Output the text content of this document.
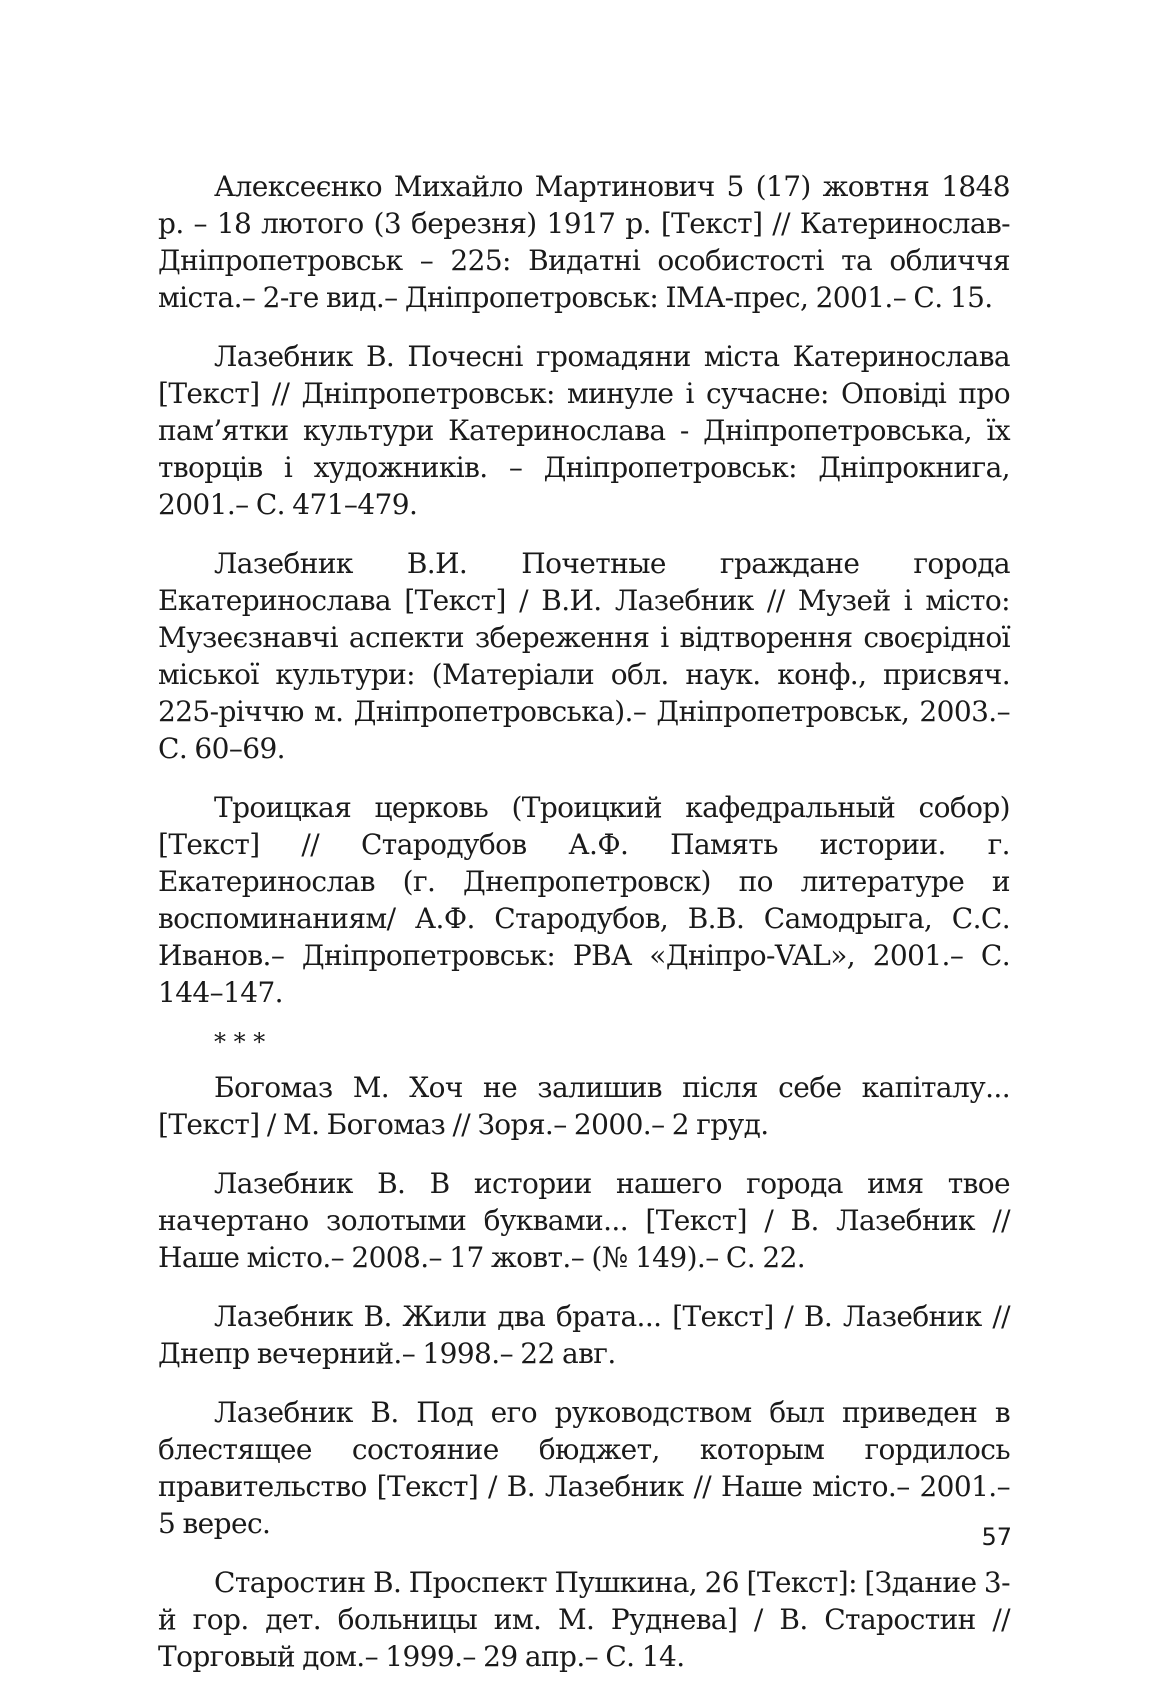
Алексеєнко Михайло Мартинович 5 (17) жовтня 1848 р. – 18 лютого (3 березня) 1917 р. [Текст] // Катеринослав-Дніпропетровськ – 225: Видатні особистості та обличчя міста.– 2-ге вид.– Дніпропетровськ: ІМА-прес, 2001.– С. 15.

Лазебник В. Почесні громадяни міста Катеринослава [Текст] // Дніпропетровськ: минуле і сучасне: Оповіді про пам’ятки культури Катеринослава - Дніпропетровська, їх творців і художників. – Дніпропетровськ: Дніпрокнига, 2001.– С. 471–479.

Лазебник В.И. Почетные граждане города Екатеринослава [Текст] / В.И. Лазебник // Музей і місто: Музеєзнавчі аспекти збереження і відтворення своєрідної міської культури: (Матеріали обл. наук. конф., присвяч. 225-річчю м. Дніпропетровська).– Дніпропетровськ, 2003.– С. 60–69.

Троицкая церковь (Троицкий кафедральный собор) [Текст] // Стародубов А.Ф. Память истории. г. Екатеринослав (г. Днепропетровск) по литературе и воспоминаниям/ А.Ф. Стародубов, В.В. Самодрыга, С.С. Иванов.– Дніпропетровськ: РВА «Дніпро-VAL», 2001.– С. 144–147.

* * *

Богомаз М. Хоч не залишив після себе капіталу... [Текст] / М. Богомаз // Зоря.– 2000.– 2 груд.

Лазебник В. В истории нашего города имя твое начертано золотыми буквами... [Текст] / В. Лазебник // Наше місто.– 2008.– 17 жовт.– (№ 149).– С. 22.

Лазебник В. Жили два брата... [Текст] / В. Лазебник // Днепр вечерний.– 1998.– 22 авг.

Лазебник В. Под его руководством был приведен в блестящее состояние бюджет, которым гордилось правительство [Текст] / В. Лазебник // Наше місто.– 2001.– 5 верес.

Старостин В. Проспект Пушкина, 26 [Текст]: [Здание 3-й гор. дет. больницы им. М. Руднева] / В. Старостин // Торговый дом.– 1999.– 29 апр.– С. 14.

57
